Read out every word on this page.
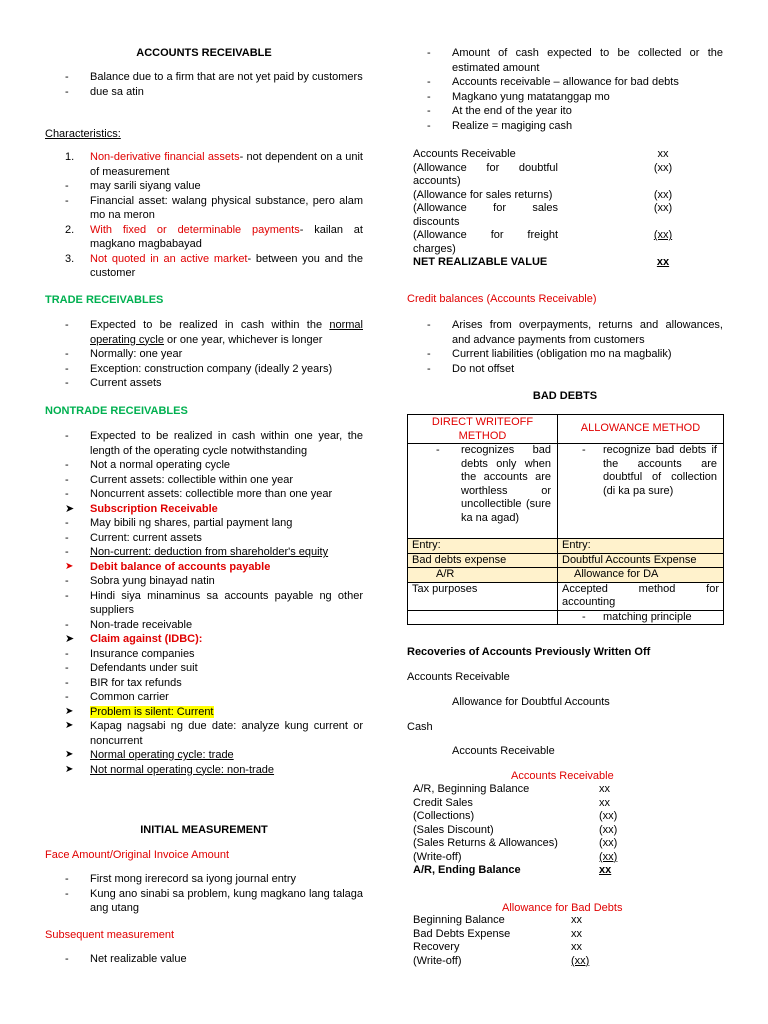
ACCOUNTS RECEIVABLE
- Balance due to a firm that are not yet paid by customers
- due sa atin
Characteristics:
1. Non-derivative financial assets- not dependent on a unit of measurement
- may sarili siyang value
- Financial asset: walang physical substance, pero alam mo na meron
2. With fixed or determinable payments- kailan at magkano magbabayad
3. Not quoted in an active market- between you and the customer
TRADE RECEIVABLES
- Expected to be realized in cash within the normal operating cycle or one year, whichever is longer
- Normally: one year
- Exception: construction company (ideally 2 years)
- Current assets
NONTRADE RECEIVABLES
- Expected to be realized in cash within one year, the length of the operating cycle notwithstanding
- Not a normal operating cycle
- Current assets: collectible within one year
- Noncurrent assets: collectible more than one year
➤ Subscription Receivable
- May bibili ng shares, partial payment lang
- Current: current assets
- Non-current: deduction from shareholder's equity
➤ Debit balance of accounts payable
- Sobra yung binayad natin
- Hindi siya minaminus sa accounts payable ng other suppliers
- Non-trade receivable
➤ Claim against (IDBC):
- Insurance companies
- Defendants under suit
- BIR for tax refunds
- Common carrier
➤ Problem is silent: Current
➤ Kapag nagsabi ng due date: analyze kung current or noncurrent
➤ Normal operating cycle: trade
➤ Not normal operating cycle: non-trade
INITIAL MEASUREMENT
Face Amount/Original Invoice Amount
- First mong irerecord sa iyong journal entry
- Kung ano sinabi sa problem, kung magkano lang talaga ang utang
Subsequent measurement
- Net realizable value
- Amount of cash expected to be collected or the estimated amount
- Accounts receivable – allowance for bad debts
- Magkano yung matatanggap mo
- At the end of the year ito
- Realize = magiging cash
Accounts Receivable	xx
(Allowance for doubtful accounts)	(xx)
(Allowance for sales returns)	(xx)
(Allowance for sales discounts	(xx)
(Allowance for freight charges)	(xx)
NET REALIZABLE VALUE	xx
Credit balances (Accounts Receivable)
- Arises from overpayments, returns and allowances, and advance payments from customers
- Current liabilities (obligation mo na magbalik)
- Do not offset
BAD DEBTS
DIRECT WRITEOFF METHOD	ALLOWANCE METHOD

- recognizes bad debts only when the accounts are worthless or uncollectible (sure ka na agad)	- recognize bad debts if the accounts are doubtful of collection (di ka pa sure)
Entry:	Entry:
Bad debts expense	Doubtful Accounts Expense
A/R	Allowance for DA
Tax purposes	Accepted method for accounting

	- matching principle
Recoveries of Accounts Previously Written Off
Accounts Receivable
Allowance for Doubtful Accounts
Cash
Accounts Receivable
Accounts Receivable
A/R, Beginning Balance	xx
Credit Sales	xx
(Collections)	(xx)
(Sales Discount)	(xx)
(Sales Returns & Allowances)	(xx)
(Write-off)	(xx)
A/R, Ending Balance	xx
Allowance for Bad Debts
Beginning Balance	xx
Bad Debts Expense	xx
Recovery	xx
(Write-off)	(xx)
